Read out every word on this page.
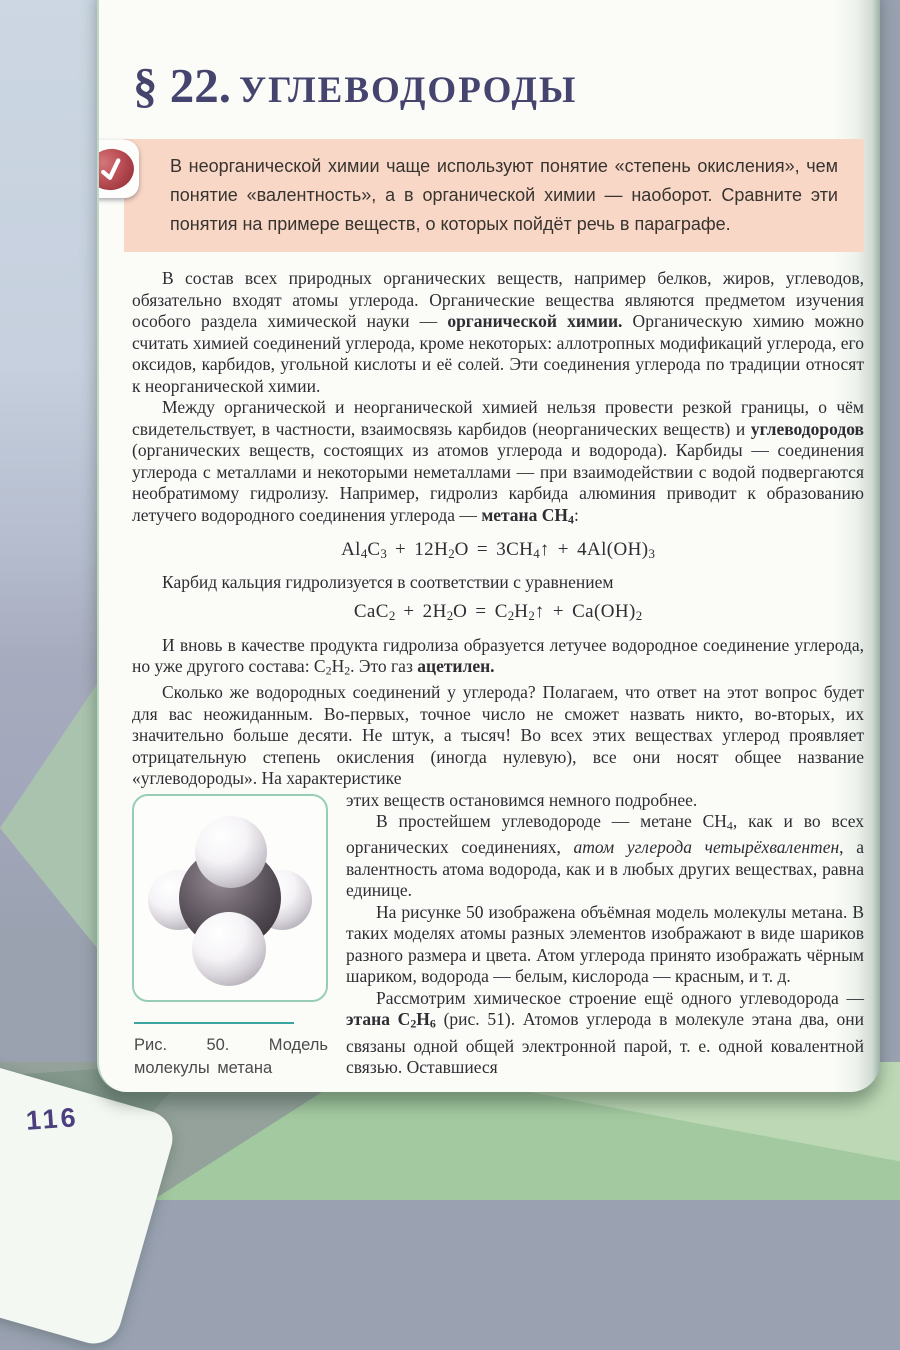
116
§ 22. УГЛЕВОДОРОДЫ
В неорганической химии чаще используют понятие «степень окисления», чем понятие «валентность», а в органической химии — наоборот. Сравните эти понятия на примере веществ, о которых пойдёт речь в параграфе.

В состав всех природных органических веществ, например белков, жиров, углеводов, обязательно входят атомы углерода. Органические вещества являются предметом изучения особого раздела химической науки — органической химии. Органическую химию можно считать химией соединений углерода, кроме некоторых: аллотропных модификаций углерода, его оксидов, карбидов, угольной кислоты и её солей. Эти соединения углерода по традиции относят к неорганической химии.

Между органической и неорганической химией нельзя провести резкой границы, о чём свидетельствует, в частности, взаимосвязь карбидов (неорганических веществ) и углеводородов (органических веществ, состоящих из атомов углерода и водорода). Карбиды — соединения углерода с металлами и некоторыми неметаллами — при взаимодействии с водой подвергаются необратимому гидролизу. Например, гидролиз карбида алюминия приводит к образованию летучего водородного соединения углерода — метана $CH_4$:

$Al_4C_3 + 12H_2O$ = $3CH_4↑ + 4Al(OH)_3$

Карбид кальция гидролизуется в соответствии с уравнением

$CaC_2 + 2H_2O$ = $C_2H_2↑ + Ca(OH)_2$

И вновь в качестве продукта гидролиза образуется летучее водородное соединение углерода, но уже другого состава: $C_2H_2$. Это газ ацетилен.

Сколько же водородных соединений у углерода? Полагаем, что ответ на этот вопрос будет для вас неожиданным. Во-первых, точное число не сможет назвать никто, во-вторых, их значительно больше десяти. Не штук, а тысяч! Во всех этих веществах углерод проявляет отрицательную степень окисления (иногда нулевую), все они носят общее название «углеводороды». На характеристике

Рис. 50. Модель молекулы метана

этих веществ остановимся немного подробнее.

В простейшем углеводороде — метане $CH_4$, как и во всех органических соединениях, атом углерода четырёхвалентен, а валентность атома водорода, как и в любых других веществах, равна единице.

На рисунке 50 изображена объёмная модель молекулы метана. В таких моделях атомы разных элементов изображают в виде шариков разного размера и цвета. Атом углерода принято изображать чёрным шариком, водорода — белым, кислорода — красным, и т. д.

Рассмотрим химическое строение ещё одного углеводорода — этана $C_2H_6$ (рис. 51). Атомов углерода в молекуле этана два, они связаны одной общей электронной парой, т. е. одной ковалентной связью. Оставшиеся
